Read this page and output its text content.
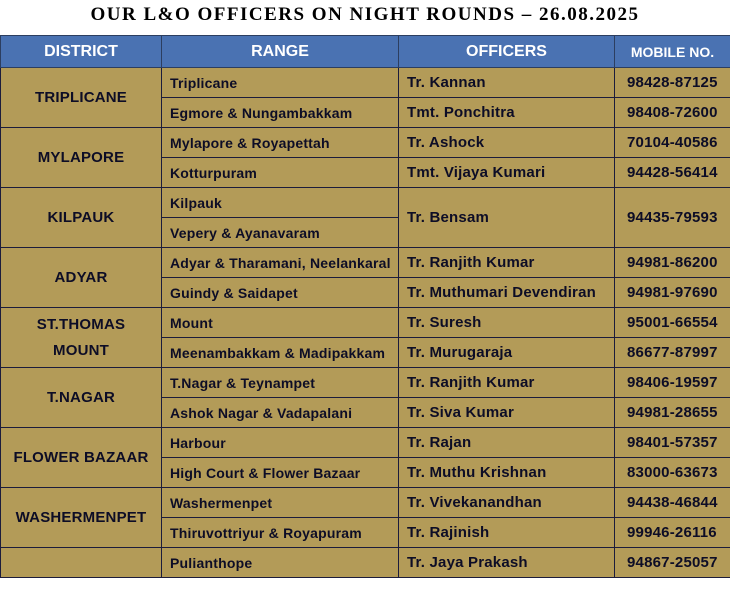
OUR L&O OFFICERS ON NIGHT ROUNDS – 26.08.2025
DISTRICT	RANGE	OFFICERS	MOBILE NO.
TRIPLICANE	Triplicane	Tr. Kannan	98428-87125
	Egmore & Nungambakkam	Tmt. Ponchitra	98408-72600
MYLAPORE	Mylapore & Royapettah	Tr. Ashock	70104-40586
	Kotturpuram	Tmt. Vijaya Kumari	94428-56414
KILPAUK	Kilpauk	Tr. Bensam	94435-79593
	Vepery & Ayanavaram		
ADYAR	Adyar & Tharamani, Neelankaral	Tr. Ranjith Kumar	94981-86200
	Guindy & Saidapet	Tr. Muthumari Devendiran	94981-97690
ST.THOMAS MOUNT	Mount	Tr. Suresh	95001-66554
	Meenambakkam & Madipakkam	Tr. Murugaraja	86677-87997
T.NAGAR	T.Nagar & Teynampet	Tr. Ranjith Kumar	98406-19597
	Ashok Nagar & Vadapalani	Tr. Siva Kumar	94981-28655
FLOWER BAZAAR	Harbour	Tr. Rajan	98401-57357
	High Court & Flower Bazaar	Tr. Muthu Krishnan	83000-63673
WASHERMENPET	Washermenpet	Tr. Vivekanandhan	94438-46844
	Thiruvottriyur & Royapuram	Tr. Rajinish	99946-26116
	Pulianthope	Tr. Jaya Prakash	94867-25057
